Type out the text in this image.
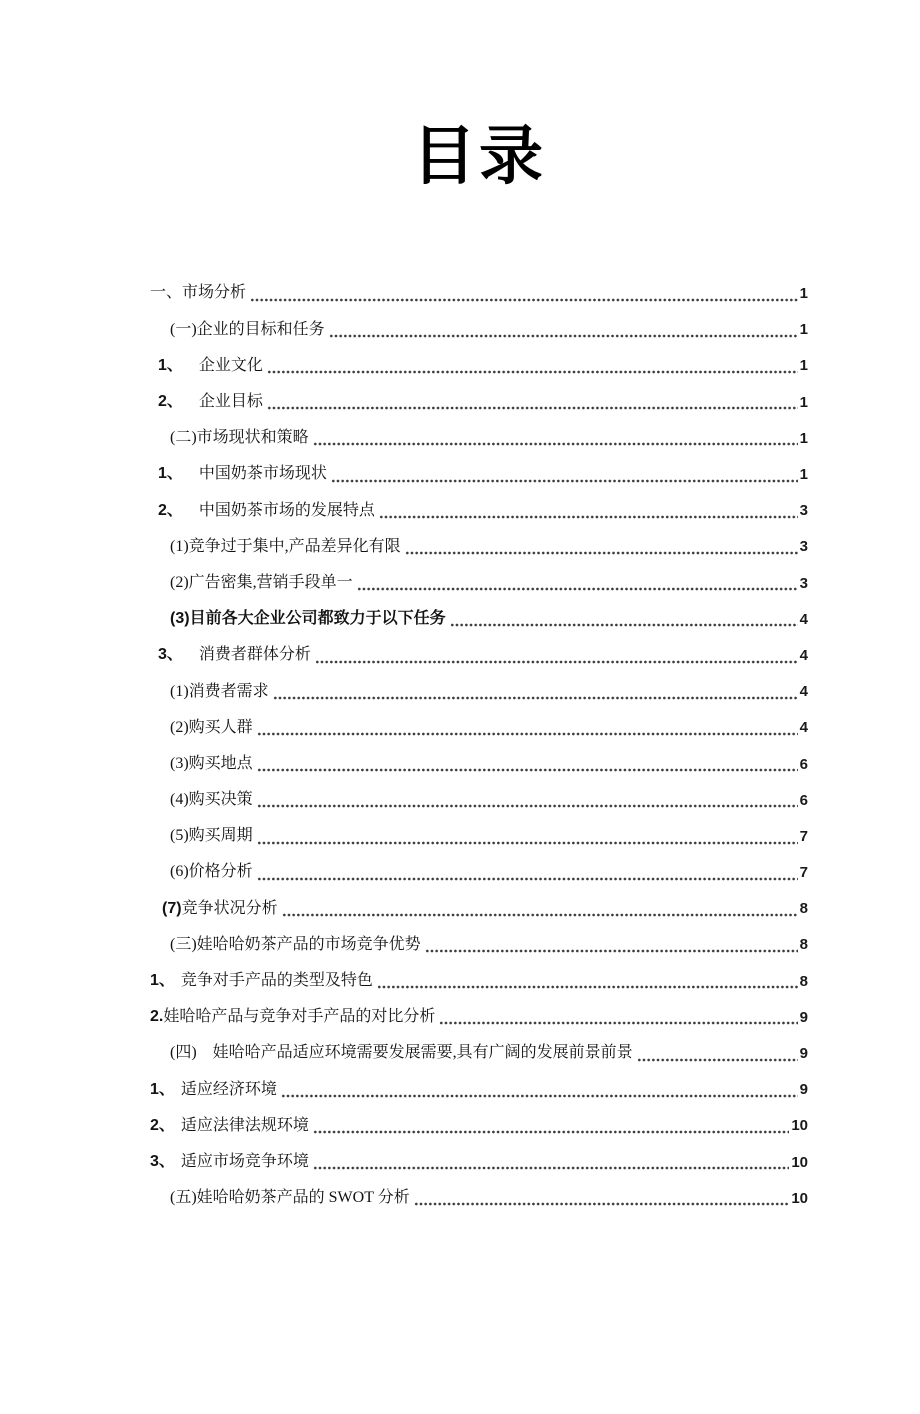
目录
一、市场分析	1
(一)企业的目标和任务	1
1、 企业文化	1
2、 企业目标	1
(二)市场现状和策略	1
1、 中国奶茶市场现状	1
2、 中国奶茶市场的发展特点	3
(1)竞争过于集中,产品差异化有限	3
(2)广告密集,营销手段单一	3
(3) 目前各大企业公司都致力于以下任务	4
3、 消费者群体分析	4
(1)消费者需求	4
(2)购买人群	4
(3)购买地点	6
(4)购买决策	6
(5)购买周期	7
(6)价格分析	7
(7) 竞争状况分析	8
(三)娃哈哈奶茶产品的市场竞争优势	8
1、 竞争对手产品的类型及特色	8
2. 娃哈哈产品与竞争对手产品的对比分析	9
(四)　娃哈哈产品适应环境需要发展需要,具有广阔的发展前景前景	9
1、 适应经济环境	9
2、 适应法律法规环境	10
3、 适应市场竞争环境	10
(五)娃哈哈奶茶产品的 SWOT 分析	10
